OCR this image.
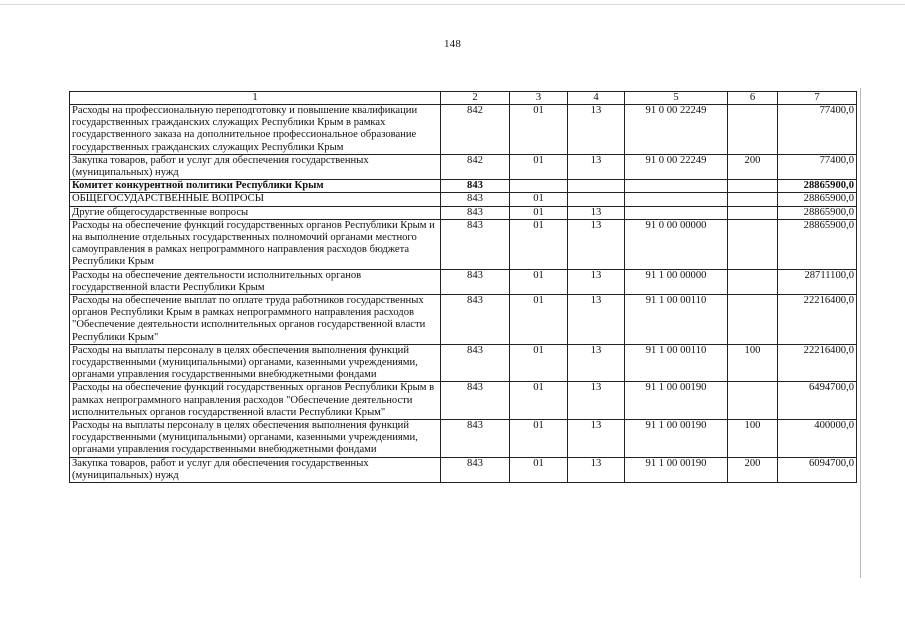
148
1	2	3	4	5	6	7
Расходы на профессиональную переподготовку и повышение квалификации государственных гражданских служащих Республики Крым в рамках государственного заказа на дополнительное профессиональное образование государственных гражданских служащих Республики Крым	842	01	13	91 0 00 22249		77400,0
Закупка товаров, работ и услуг для обеспечения государственных (муниципальных) нужд	842	01	13	91 0 00 22249	200	77400,0
Комитет конкурентной политики Республики Крым	843					28865900,0
ОБЩЕГОСУДАРСТВЕННЫЕ ВОПРОСЫ	843	01				28865900,0
Другие общегосударственные вопросы	843	01	13			28865900,0
Расходы на обеспечение функций государственных органов Республики Крым и на выполнение отдельных государственных полномочий органами местного самоуправления в рамках непрограммного направления расходов бюджета Республики Крым	843	01	13	91 0 00 00000		28865900,0
Расходы на обеспечение деятельности исполнительных органов государственной власти Республики Крым	843	01	13	91 1 00 00000		28711100,0
Расходы на обеспечение выплат по оплате труда работников государственных органов Республики Крым в рамках непрограммного направления расходов "Обеспечение деятельности исполнительных органов государственной власти Республики Крым"	843	01	13	91 1 00 00110		22216400,0
Расходы на выплаты персоналу в целях обеспечения выполнения функций государственными (муниципальными) органами, казенными учреждениями, органами управления государственными внебюджетными фондами	843	01	13	91 1 00 00110	100	22216400,0
Расходы на обеспечение функций государственных органов Республики Крым в рамках непрограммного направления расходов "Обеспечение деятельности исполнительных органов государственной власти Республики Крым"	843	01	13	91 1 00 00190		6494700,0
Расходы на выплаты персоналу в целях обеспечения выполнения функций государственными (муниципальными) органами, казенными учреждениями, органами управления государственными внебюджетными фондами	843	01	13	91 1 00 00190	100	400000,0
Закупка товаров, работ и услуг для обеспечения государственных (муниципальных) нужд	843	01	13	91 1 00 00190	200	6094700,0
